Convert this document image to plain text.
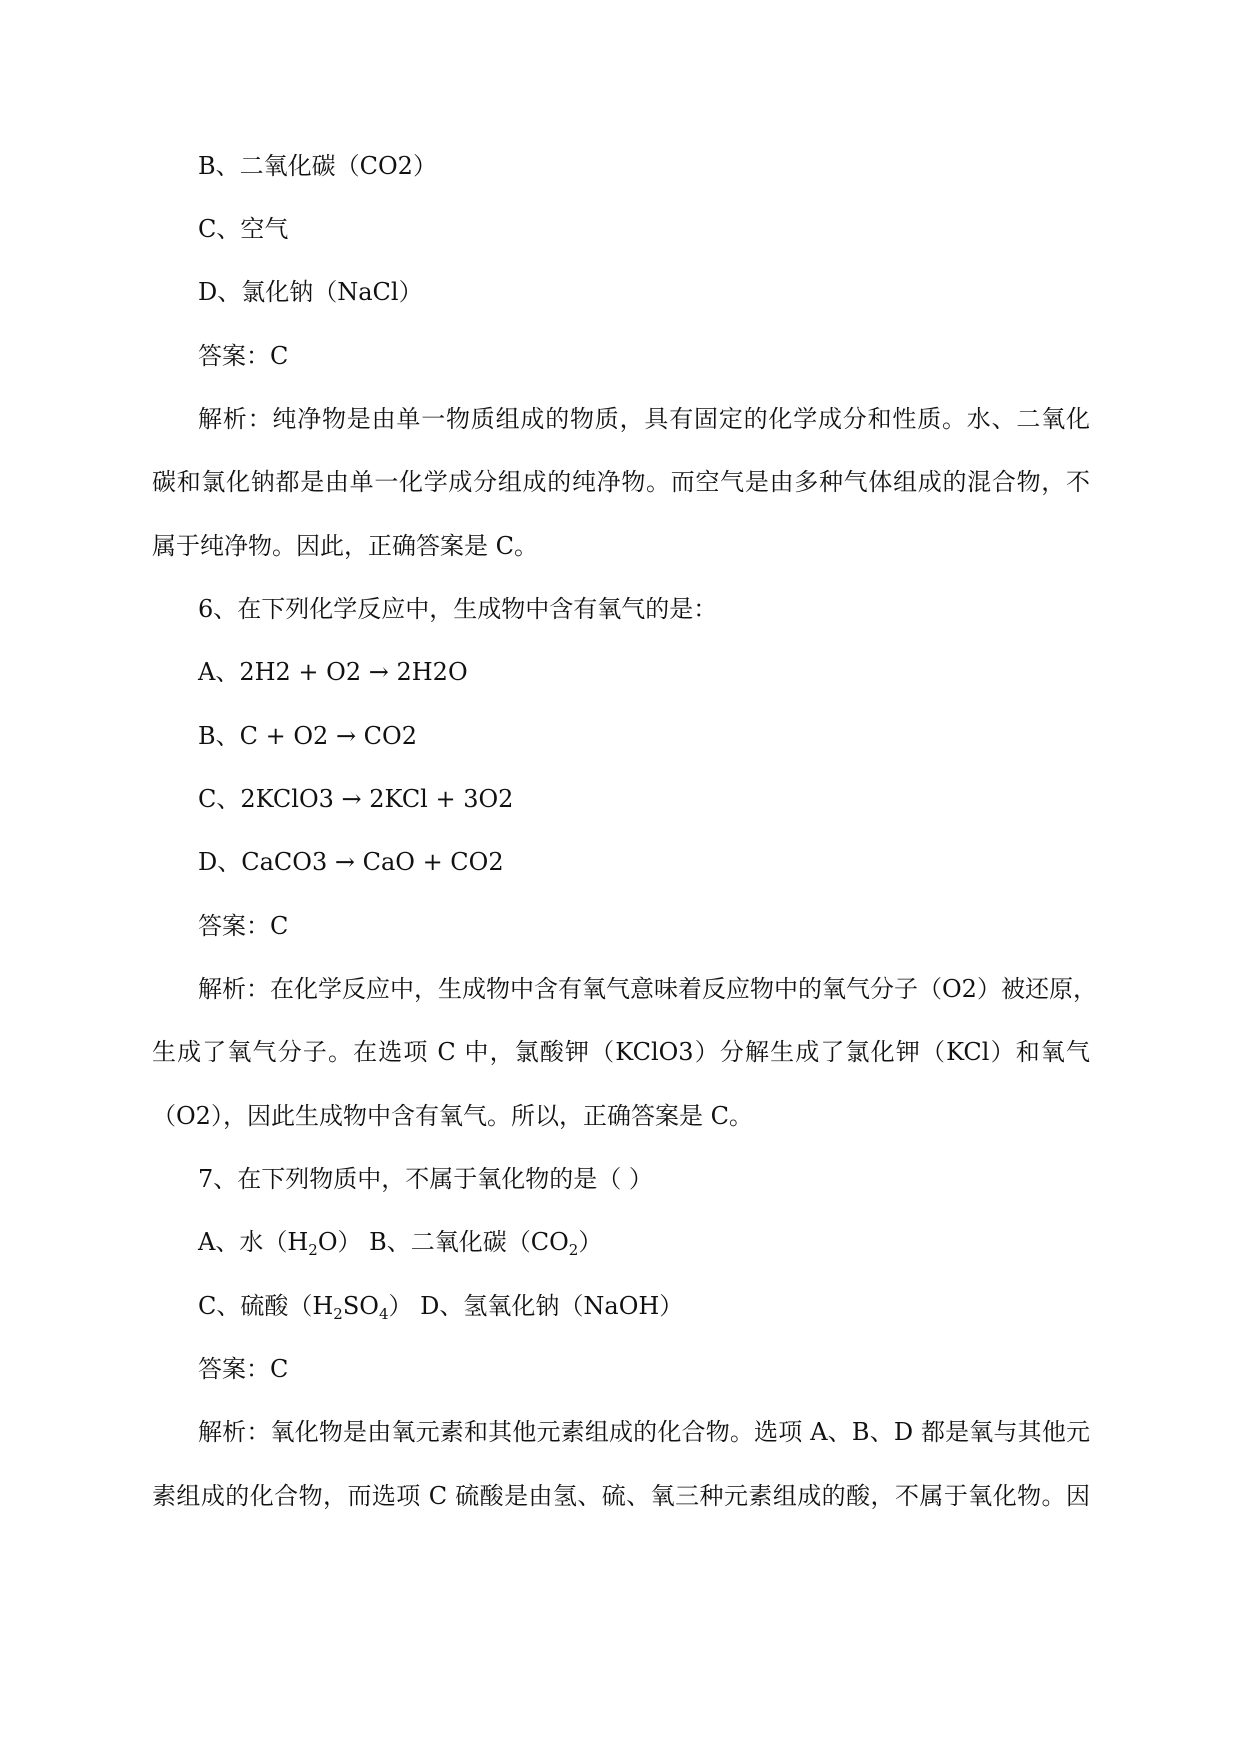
B、二氧化碳（CO2）
C、空气
D、氯化钠（NaCl）
答案：C
解析：纯净物是由单一物质组成的物质，具有固定的化学成分和性质。水、二氧化
碳和氯化钠都是由单一化学成分组成的纯净物。而空气是由多种气体组成的混合物，不
属于纯净物。因此，正确答案是 C。
6、在下列化学反应中，生成物中含有氧气的是：
A、2H2 + O2 → 2H2O
B、C + O2 → CO2
C、2KClO3 → 2KCl + 3O2
D、CaCO3 → CaO + CO2
答案：C
解析：在化学反应中，生成物中含有氧气意味着反应物中的氧气分子（O2）被还原，
生成了氧气分子。在选项 C 中，氯酸钾（KClO3）分解生成了氯化钾（KCl）和氧气
（O2），因此生成物中含有氧气。所以，正确答案是 C。
7、在下列物质中，不属于氧化物的是（ ）
A、水$(H_2O)$ B、二氧化碳$(CO_2)$
C、硫酸$(H_2SO_4)$ D、氢氧化钠（NaOH）
答案：C
解析：氧化物是由氧元素和其他元素组成的化合物。选项 A、B、D 都是氧与其他元
素组成的化合物，而选项 C 硫酸是由氢、硫、氧三种元素组成的酸，不属于氧化物。因
